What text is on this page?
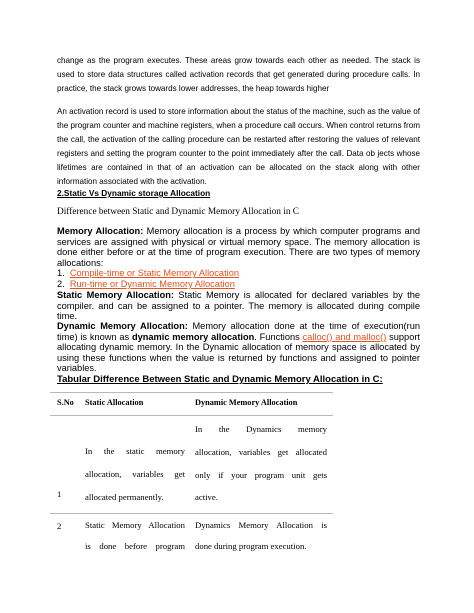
change as the program executes. These areas grow towards each other as needed. The stack is used to store data structures called activation records that get generated during procedure calls. In practice, the stack grows towards lower addresses, the heap towards higher

An activation record is used to store information about the status of the machine, such as the value of the program counter and machine registers, when a procedure call occurs. When control returns from the call, the activation of the calling procedure can be restarted after restoring the values of relevant registers and setting the program counter to the point immediately after the call. Data ob jects whose lifetimes are contained in that of an activation can be allocated on the stack along with other information associated with the activation.

2.Static Vs Dynamic storage Allocation
Difference between Static and Dynamic Memory Allocation in C
Memory Allocation: Memory allocation is a process by which computer programs and services are assigned with physical or virtual memory space. The memory allocation is done either before or at the time of program execution. There are two types of memory allocations:
1. Compile-time or Static Memory Allocation
2. Run-time or Dynamic Memory Allocation
Static Memory Allocation: Static Memory is allocated for declared variables by the compiler. and can be assigned to a pointer. The memory is allocated during compile time.
Dynamic Memory Allocation: Memory allocation done at the time of execution(run time) is known as dynamic memory allocation. Functions calloc() and malloc() support allocating dynamic memory. In the Dynamic allocation of memory space is allocated by using these functions when the value is returned by functions and assigned to pointer variables.
Tabular Difference Between Static and Dynamic Memory Allocation in C:
S.No Static Allocation	Dynamic Memory Allocation
1
In the static memory
allocation, variables get
allocated permanently.
In the Dynamics memory
allocation, variables get allocated
only if your program unit gets
active.
2	Static Memory Allocation
is done before program
Dynamics Memory Allocation is
done during program execution.
